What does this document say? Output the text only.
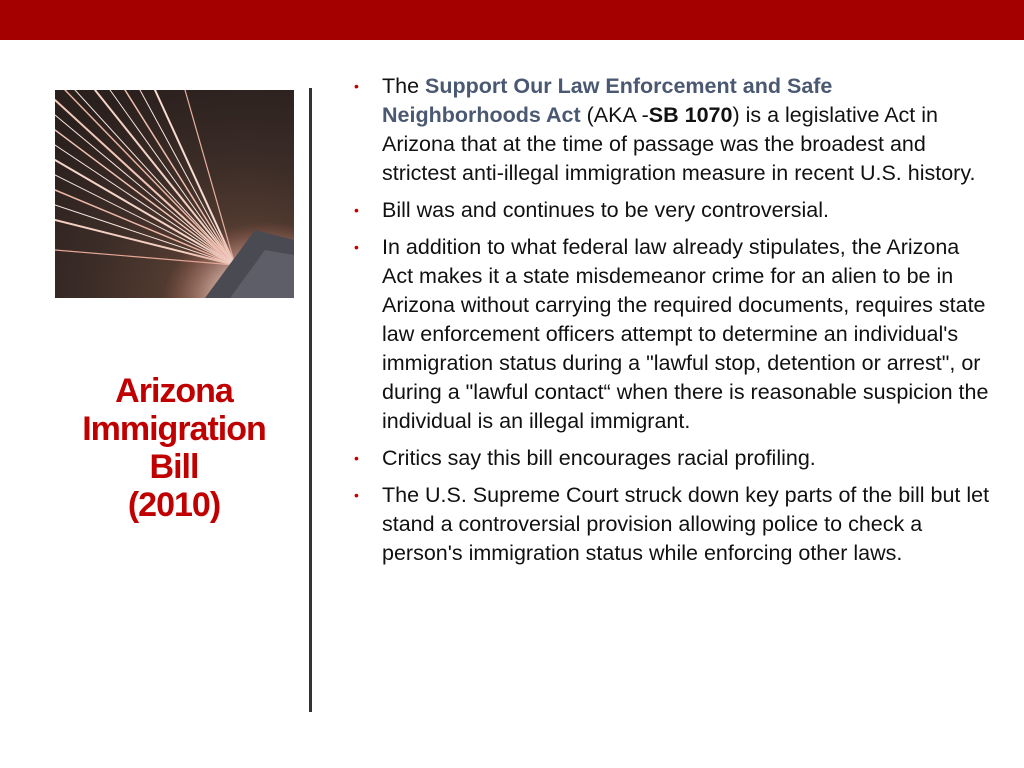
Arizona
Immigration
Bill
(2010)
• The Support Our Law Enforcement and Safe Neighborhoods Act (AKA -SB 1070) is a legislative Act in Arizona that at the time of passage was the broadest and strictest anti-illegal immigration measure in recent U.S. history.
• Bill was and continues to be very controversial.
• In addition to what federal law already stipulates, the Arizona Act makes it a state misdemeanor crime for an alien to be in Arizona without carrying the required documents, requires state law enforcement officers attempt to determine an individual's immigration status during a "lawful stop, detention or arrest", or during a "lawful contact“ when there is reasonable suspicion the individual is an illegal immigrant.
• Critics say this bill encourages racial profiling.
• The U.S. Supreme Court struck down key parts of the bill but let stand a controversial provision allowing police to check a person's immigration status while enforcing other laws.
